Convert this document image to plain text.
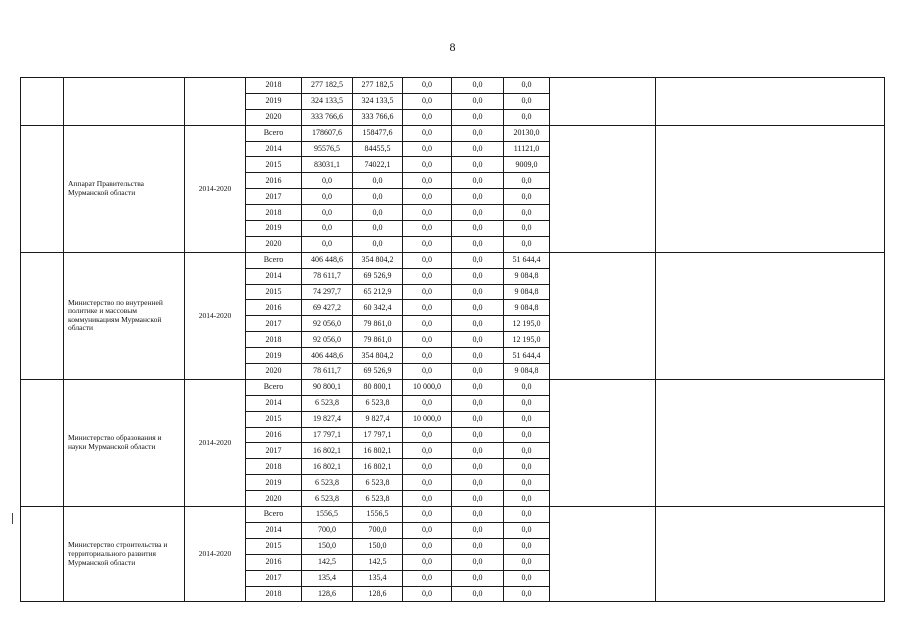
8
			2018	277 182,5	277 182,5	0,0	0,0	0,0		
			2019	324 133,5	324 133,5	0,0	0,0	0,0		
			2020	333 766,6	333 766,6	0,0	0,0	0,0		
	Аппарат Правительства Мурманской области	2014-2020	Всего	178607,6	158477,6	0,0	0,0	20130,0		
			2014	95576,5	84455,5	0,0	0,0	11121,0		
			2015	83031,1	74022,1	0,0	0,0	9009,0		
			2016	0,0	0,0	0,0	0,0	0,0		
			2017	0,0	0,0	0,0	0,0	0,0		
			2018	0,0	0,0	0,0	0,0	0,0		
			2019	0,0	0,0	0,0	0,0	0,0		
			2020	0,0	0,0	0,0	0,0	0,0		
	Министерство по внутренней политике и массовым коммуникациям Мурманской области	2014-2020	Всего	406 448,6	354 804,2	0,0	0,0	51 644,4		
			2014	78 611,7	69 526,9	0,0	0,0	9 084,8		
			2015	74 297,7	65 212,9	0,0	0,0	9 084,8		
			2016	69 427,2	60 342,4	0,0	0,0	9 084,8		
			2017	92 056,0	79 861,0	0,0	0,0	12 195,0		
			2018	92 056,0	79 861,0	0,0	0,0	12 195,0		
			2019	406 448,6	354 804,2	0,0	0,0	51 644,4		
			2020	78 611,7	69 526,9	0,0	0,0	9 084,8		
	Министерство образования и науки Мурманской области	2014-2020	Всего	90 800,1	80 800,1	10 000,0	0,0	0,0		
			2014	6 523,8	6 523,8	0,0	0,0	0,0		
			2015	19 827,4	9 827,4	10 000,0	0,0	0,0		
			2016	17 797,1	17 797,1	0,0	0,0	0,0		
			2017	16 802,1	16 802,1	0,0	0,0	0,0		
			2018	16 802,1	16 802,1	0,0	0,0	0,0		
			2019	6 523,8	6 523,8	0,0	0,0	0,0		
			2020	6 523,8	6 523,8	0,0	0,0	0,0		
	Министерство строительства и территориального развития Мурманской области	2014-2020	Всего	1556,5	1556,5	0,0	0,0	0,0		
			2014	700,0	700,0	0,0	0,0	0,0		
			2015	150,0	150,0	0,0	0,0	0,0		
			2016	142,5	142,5	0,0	0,0	0,0		
			2017	135,4	135,4	0,0	0,0	0,0		
			2018	128,6	128,6	0,0	0,0	0,0		
